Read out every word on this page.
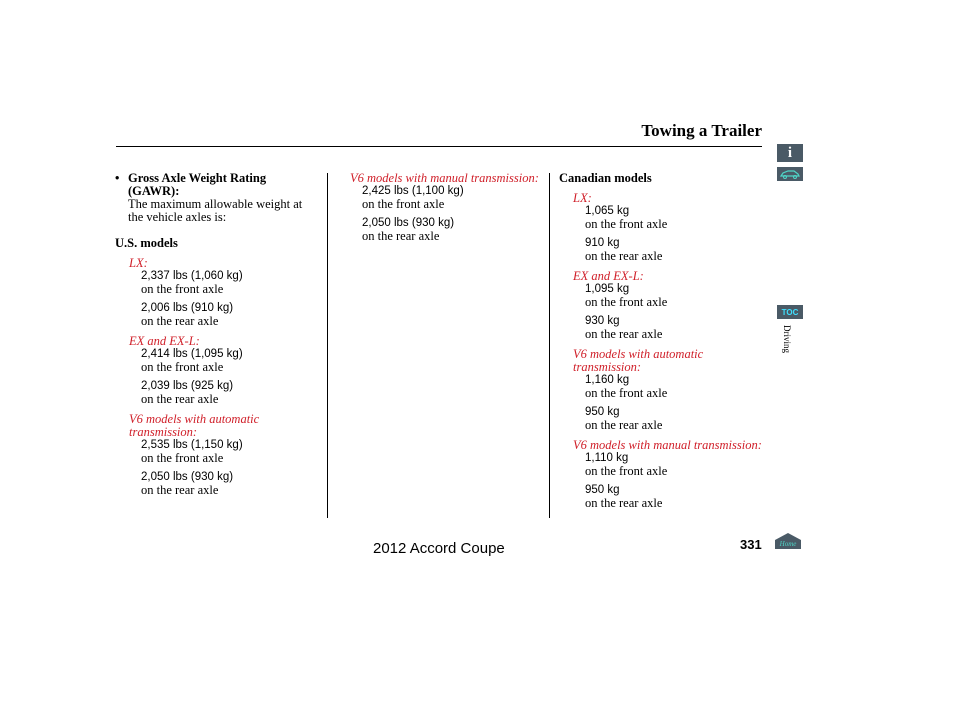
Towing a Trailer
• Gross Axle Weight Rating
(GAWR):
The maximum allowable weight at
the vehicle axles is:
U.S. models
LX:
2,337 lbs (1,060 kg)
on the front axle
2,006 lbs (910 kg)
on the rear axle
EX and EX-L:
2,414 lbs (1,095 kg)
on the front axle
2,039 lbs (925 kg)
on the rear axle
V6 models with automatic
transmission:
2,535 lbs (1,150 kg)
on the front axle
2,050 lbs (930 kg)
on the rear axle
V6 models with manual transmission:
2,425 lbs (1,100 kg)
on the front axle
2,050 lbs (930 kg)
on the rear axle
Canadian models
LX:
1,065 kg
on the front axle
910 kg
on the rear axle
EX and EX-L:
1,095 kg
on the front axle
930 kg
on the rear axle
V6 models with automatic
transmission:
1,160 kg
on the front axle
950 kg
on the rear axle
V6 models with manual transmission:
1,110 kg
on the front axle
950 kg
on the rear axle
i
TOC
Driving
2012 Accord Coupe	331	Home
